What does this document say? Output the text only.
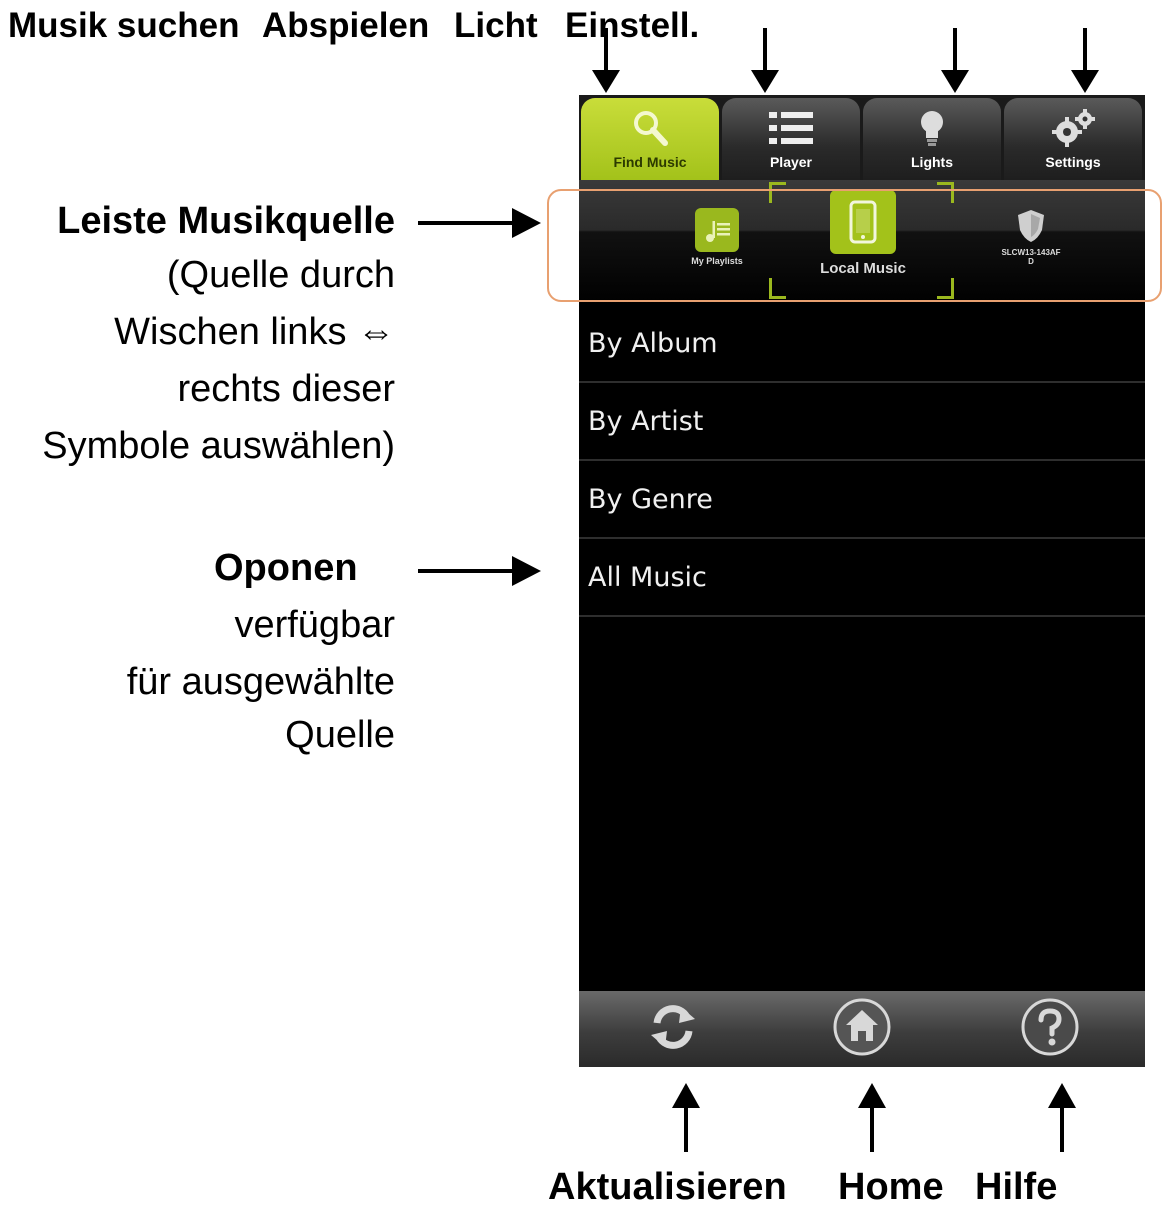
Musik suchen Abspielen Licht Einstell.
Leiste Musikquelle
(Quelle durch
Wischen links ⇔
rechts dieser
Symbole auswählen)
Oponen
verfügbar
für ausgewählte
Quelle
Aktualisieren Home Hilfe
Find Music	Player	Lights	Settings
My Playlists	Local Music
SLCW13-143AF
D
By Album
By Artist
By Genre
All Music
